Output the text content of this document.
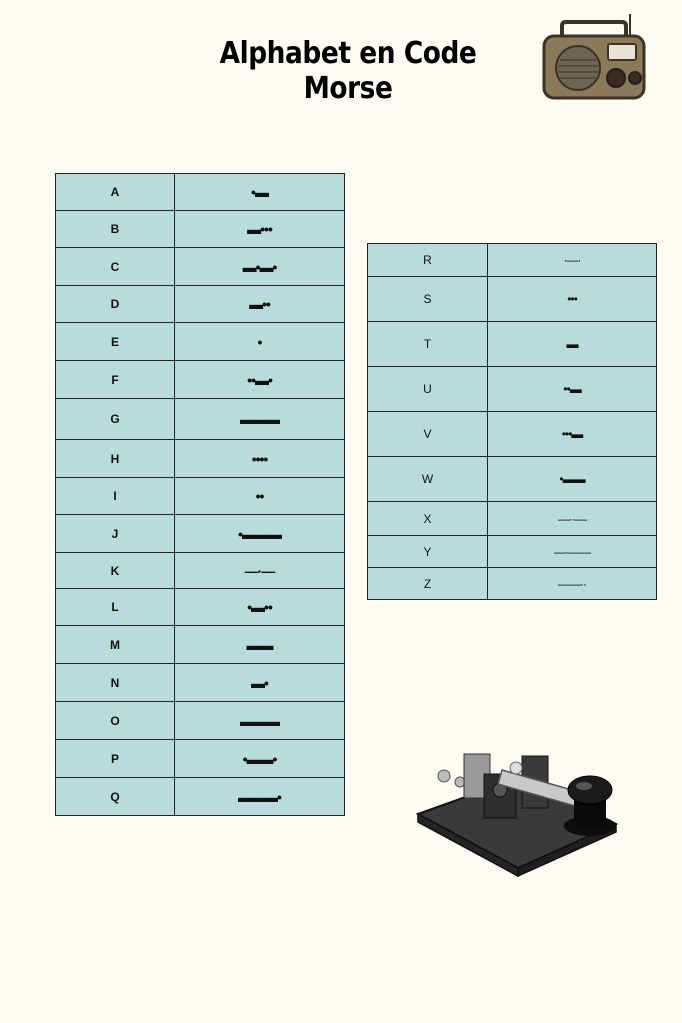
Alphabet en Code Morse
A	•▬
B	▬•••
C	▬•▬•
D	▬••
E	•
F	••▬•
G	▬▬▬
H	••••
I	••
J	•▬▬▬
K	—·—
L	•▬••
M	▬▬
N	▬•
O	▬▬▬
P	•▬▬•
Q	▬▬▬•
R	·—·
S	•••
T	▬
U	••▬
V	•••▬
W	•▬▬
X	—··—
Y	—·——
Z	——··
